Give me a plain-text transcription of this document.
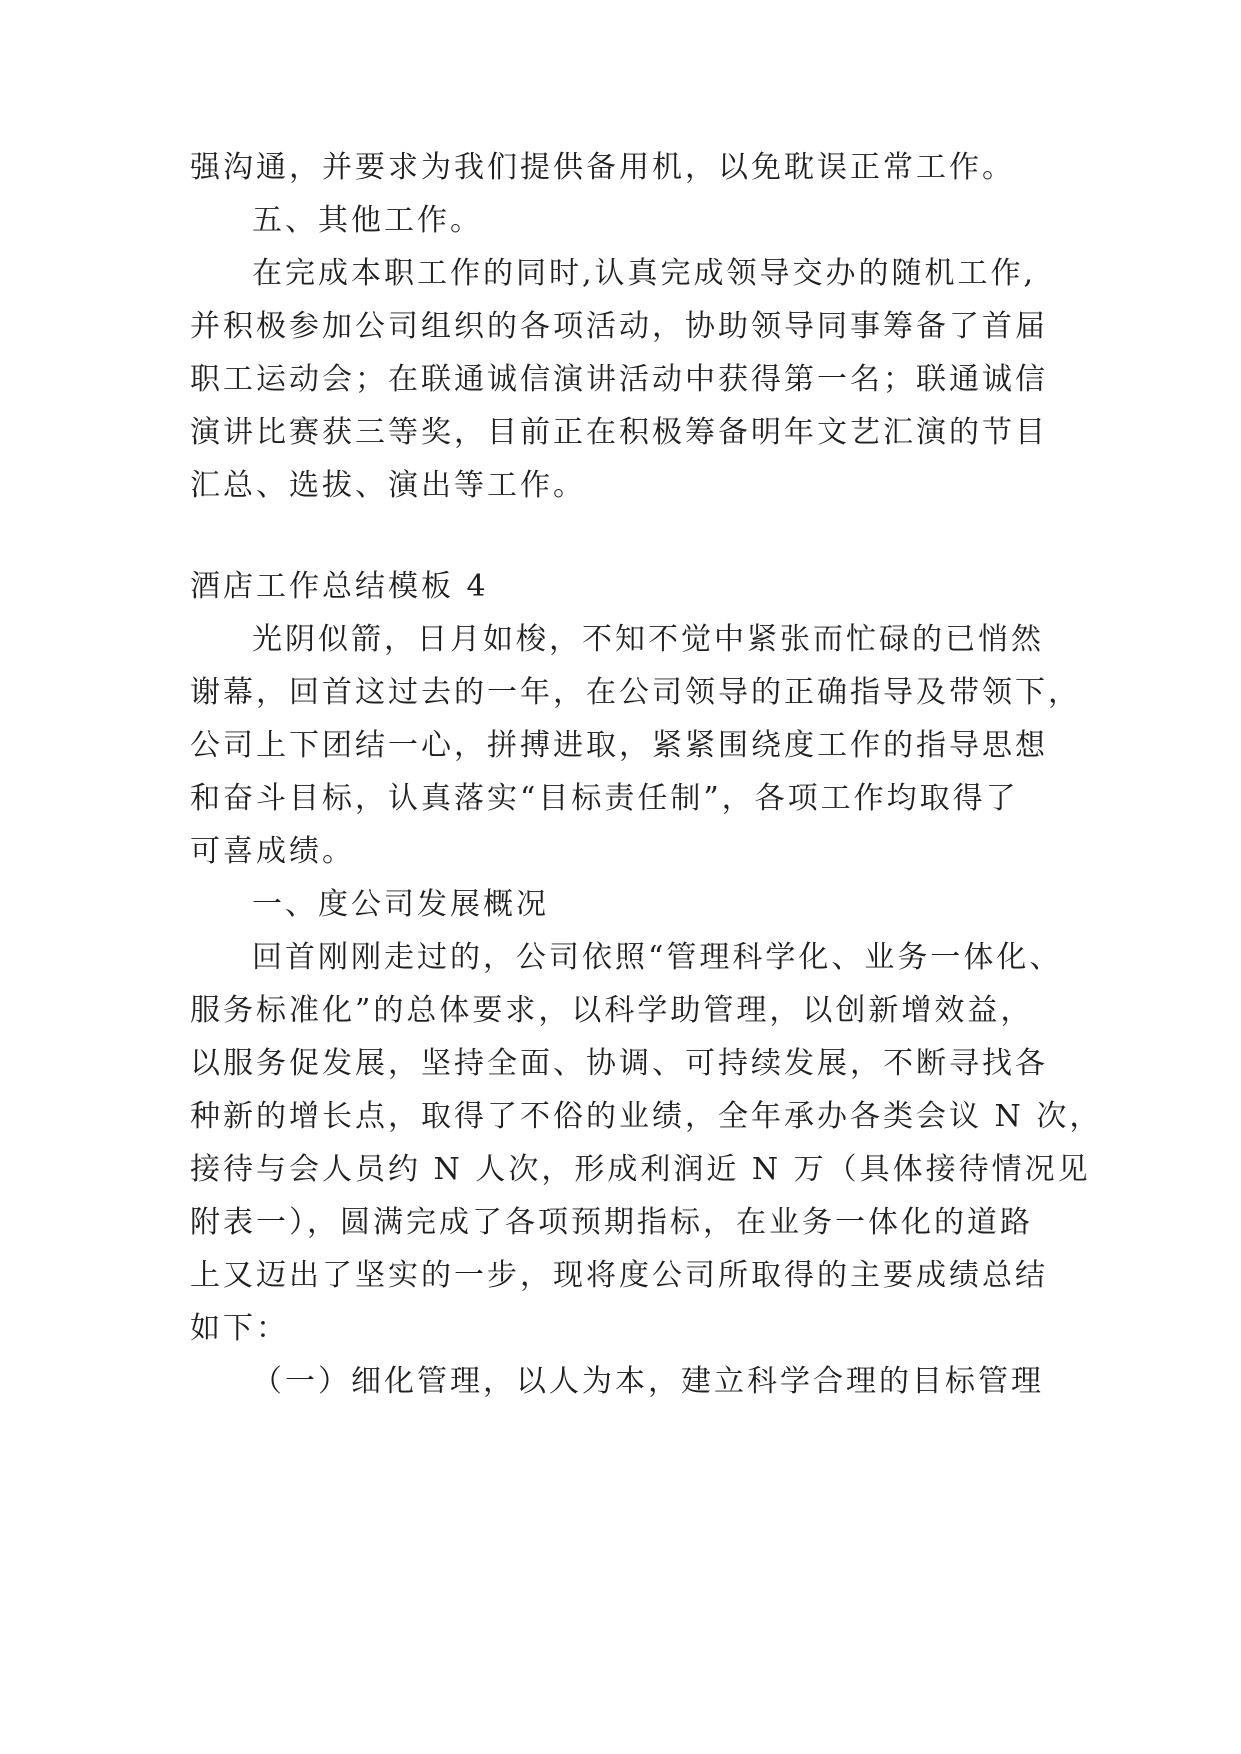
强沟通，并要求为我们提供备用机，以免耽误正常工作。
五、其他工作。
在完成本职工作的同时,认真完成领导交办的随机工作,
并积极参加公司组织的各项活动，协助领导同事筹备了首届
职工运动会；在联通诚信演讲活动中获得第一名；联通诚信
演讲比赛获三等奖，目前正在积极筹备明年文艺汇演的节目
汇总、选拔、演出等工作。
酒店工作总结模板 4
光阴似箭，日月如梭，不知不觉中紧张而忙碌的已悄然
谢幕，回首这过去的一年，在公司领导的正确指导及带领下，
公司上下团结一心，拼搏进取，紧紧围绕度工作的指导思想
和奋斗目标，认真落实“目标责任制”，各项工作均取得了
可喜成绩。
一、度公司发展概况
回首刚刚走过的，公司依照“管理科学化、业务一体化、
服务标准化”的总体要求，以科学助管理，以创新增效益，
以服务促发展，坚持全面、协调、可持续发展，不断寻找各
种新的增长点，取得了不俗的业绩，全年承办各类会议 N 次，
接待与会人员约 N 人次，形成利润近 N 万（具体接待情况见
附表一），圆满完成了各项预期指标，在业务一体化的道路
上又迈出了坚实的一步，现将度公司所取得的主要成绩总结
如下：
（一）细化管理，以人为本，建立科学合理的目标管理
